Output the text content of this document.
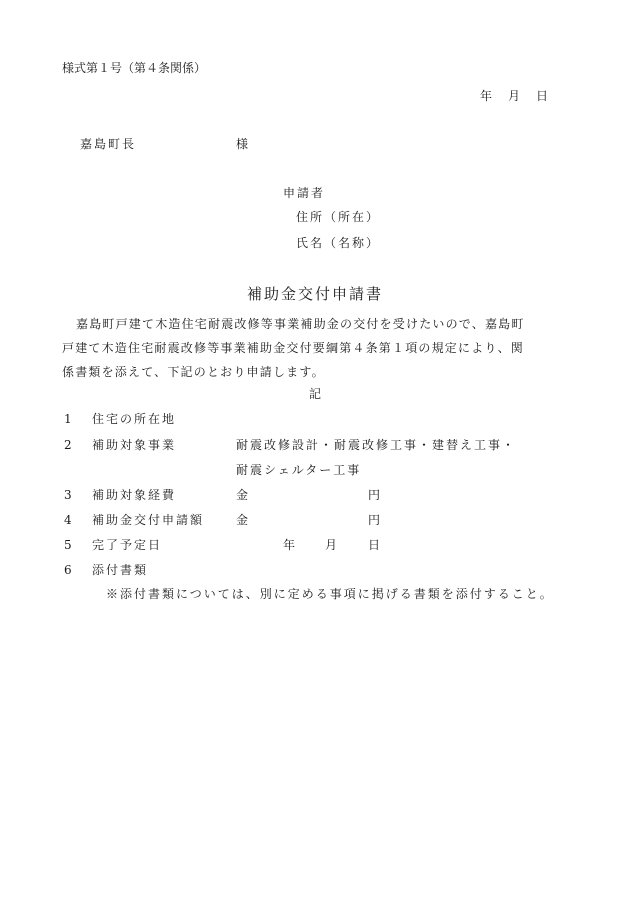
様式第１号（第４条関係）
年 月 日
嘉島町長	様
申請者
住所（所在）
氏名（名称）
補助金交付申請書
嘉島町戸建て木造住宅耐震改修等事業補助金の交付を受けたいので、嘉島町
戸建て木造住宅耐震改修等事業補助金交付要綱第４条第１項の規定により、関
係書類を添えて、下記のとおり申請します。
記
1 住宅の所在地
2 補助対象事業	耐震改修設計・耐震改修工事・建替え工事・
耐震シェルター工事
3 補助対象経費	金	円
4 補助金交付申請額	金	円
5 完了予定日	年 月	日
6 添付書類
※添付書類については、別に定める事項に掲げる書類を添付すること。
